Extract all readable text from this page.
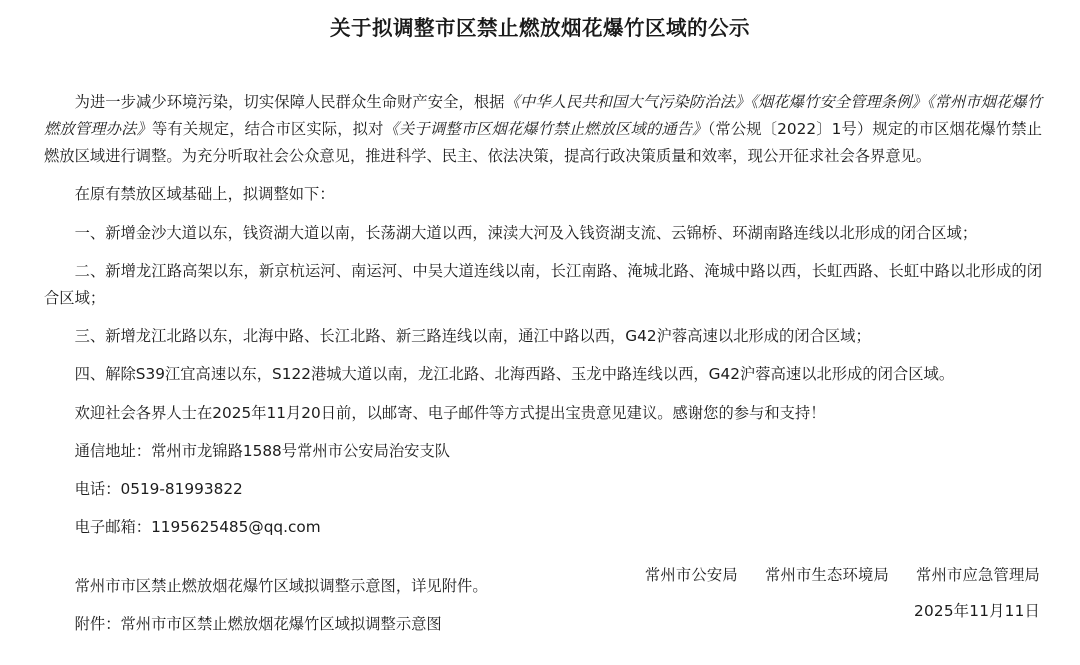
关于拟调整市区禁止燃放烟花爆竹区域的公示

为进一步减少环境污染，切实保障人民群众生命财产安全，根据《中华人民共和国大气污染防治法》《烟花爆竹安全管理条例》《常州市烟花爆竹燃放管理办法》等有关规定，结合市区实际，拟对《关于调整市区烟花爆竹禁止燃放区域的通告》（常公规〔2022〕1号）规定的市区烟花爆竹禁止燃放区域进行调整。为充分听取社会公众意见，推进科学、民主、依法决策，提高行政决策质量和效率，现公开征求社会各界意见。

在原有禁放区域基础上，拟调整如下：

一、新增金沙大道以东，钱资湖大道以南，长荡湖大道以西，涑渎大河及入钱资湖支流、云锦桥、环湖南路连线以北形成的闭合区域；

二、新增龙江路高架以东，新京杭运河、南运河、中吴大道连线以南，长江南路、淹城北路、淹城中路以西，长虹西路、长虹中路以北形成的闭合区域；

三、新增龙江北路以东，北海中路、长江北路、新三路连线以南，通江中路以西，G42沪蓉高速以北形成的闭合区域；

四、解除S39江宜高速以东，S122港城大道以南，龙江北路、北海西路、玉龙中路连线以西，G42沪蓉高速以北形成的闭合区域。

欢迎社会各界人士在2025年11月20日前，以邮寄、电子邮件等方式提出宝贵意见建议。感谢您的参与和支持！

通信地址：常州市龙锦路1588号常州市公安局治安支队

电话：0519-81993822

电子邮箱：1195625485@qq.com

常州市市区禁止燃放烟花爆竹区域拟调整示意图，详见附件。

附件：常州市市区禁止燃放烟花爆竹区域拟调整示意图

常州市公安局 常州市生态环境局 常州市应急管理局
2025年11月11日
